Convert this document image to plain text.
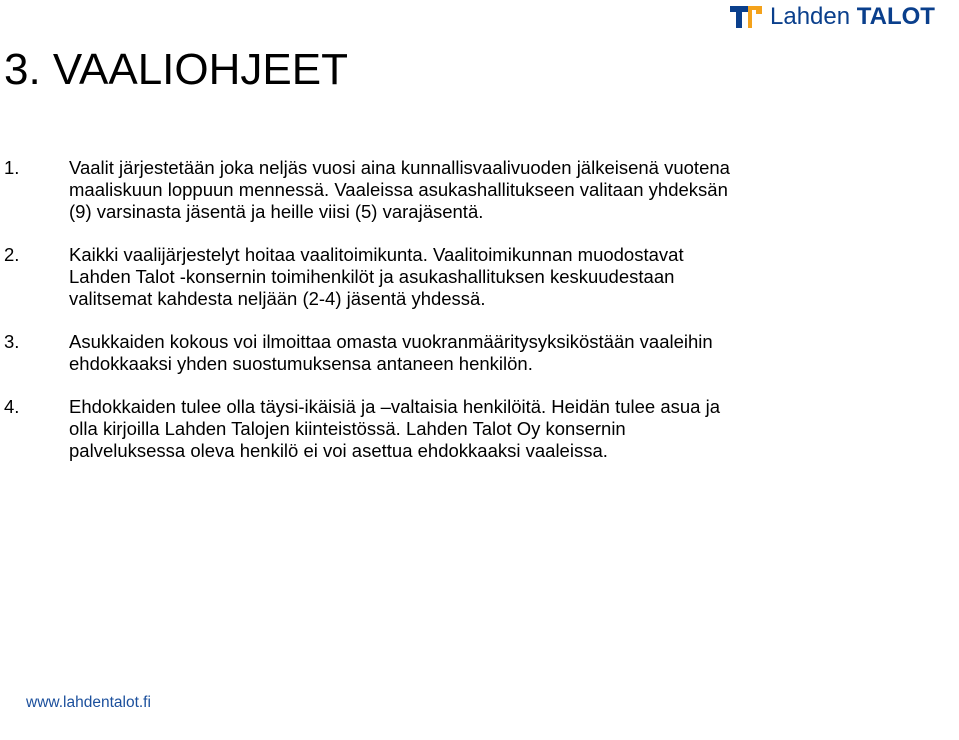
Lahden TALOT
3. VAALIOHJEET
1.	Vaalit järjestetään joka neljäs vuosi aina kunnallisvaalivuoden jälkeisenä vuotena
maaliskuun loppuun mennessä. Vaaleissa asukashallitukseen valitaan yhdeksän
(9) varsinasta jäsentä ja heille viisi (5) varajäsentä.
2.	Kaikki vaalijärjestelyt hoitaa vaalitoimikunta. Vaalitoimikunnan muodostavat
Lahden Talot -konsernin toimihenkilöt ja asukashallituksen keskuudestaan
valitsemat kahdesta neljään (2-4) jäsentä yhdessä.
3.	Asukkaiden kokous voi ilmoittaa omasta vuokranmääritysyksiköstään vaaleihin
ehdokkaaksi yhden suostumuksensa antaneen henkilön.
4.	Ehdokkaiden tulee olla täysi-ikäisiä ja –valtaisia henkilöitä. Heidän tulee asua ja
olla kirjoilla Lahden Talojen kiinteistössä. Lahden Talot Oy konsernin
palveluksessa oleva henkilö ei voi asettua ehdokkaaksi vaaleissa.
www.lahdentalot.fi
